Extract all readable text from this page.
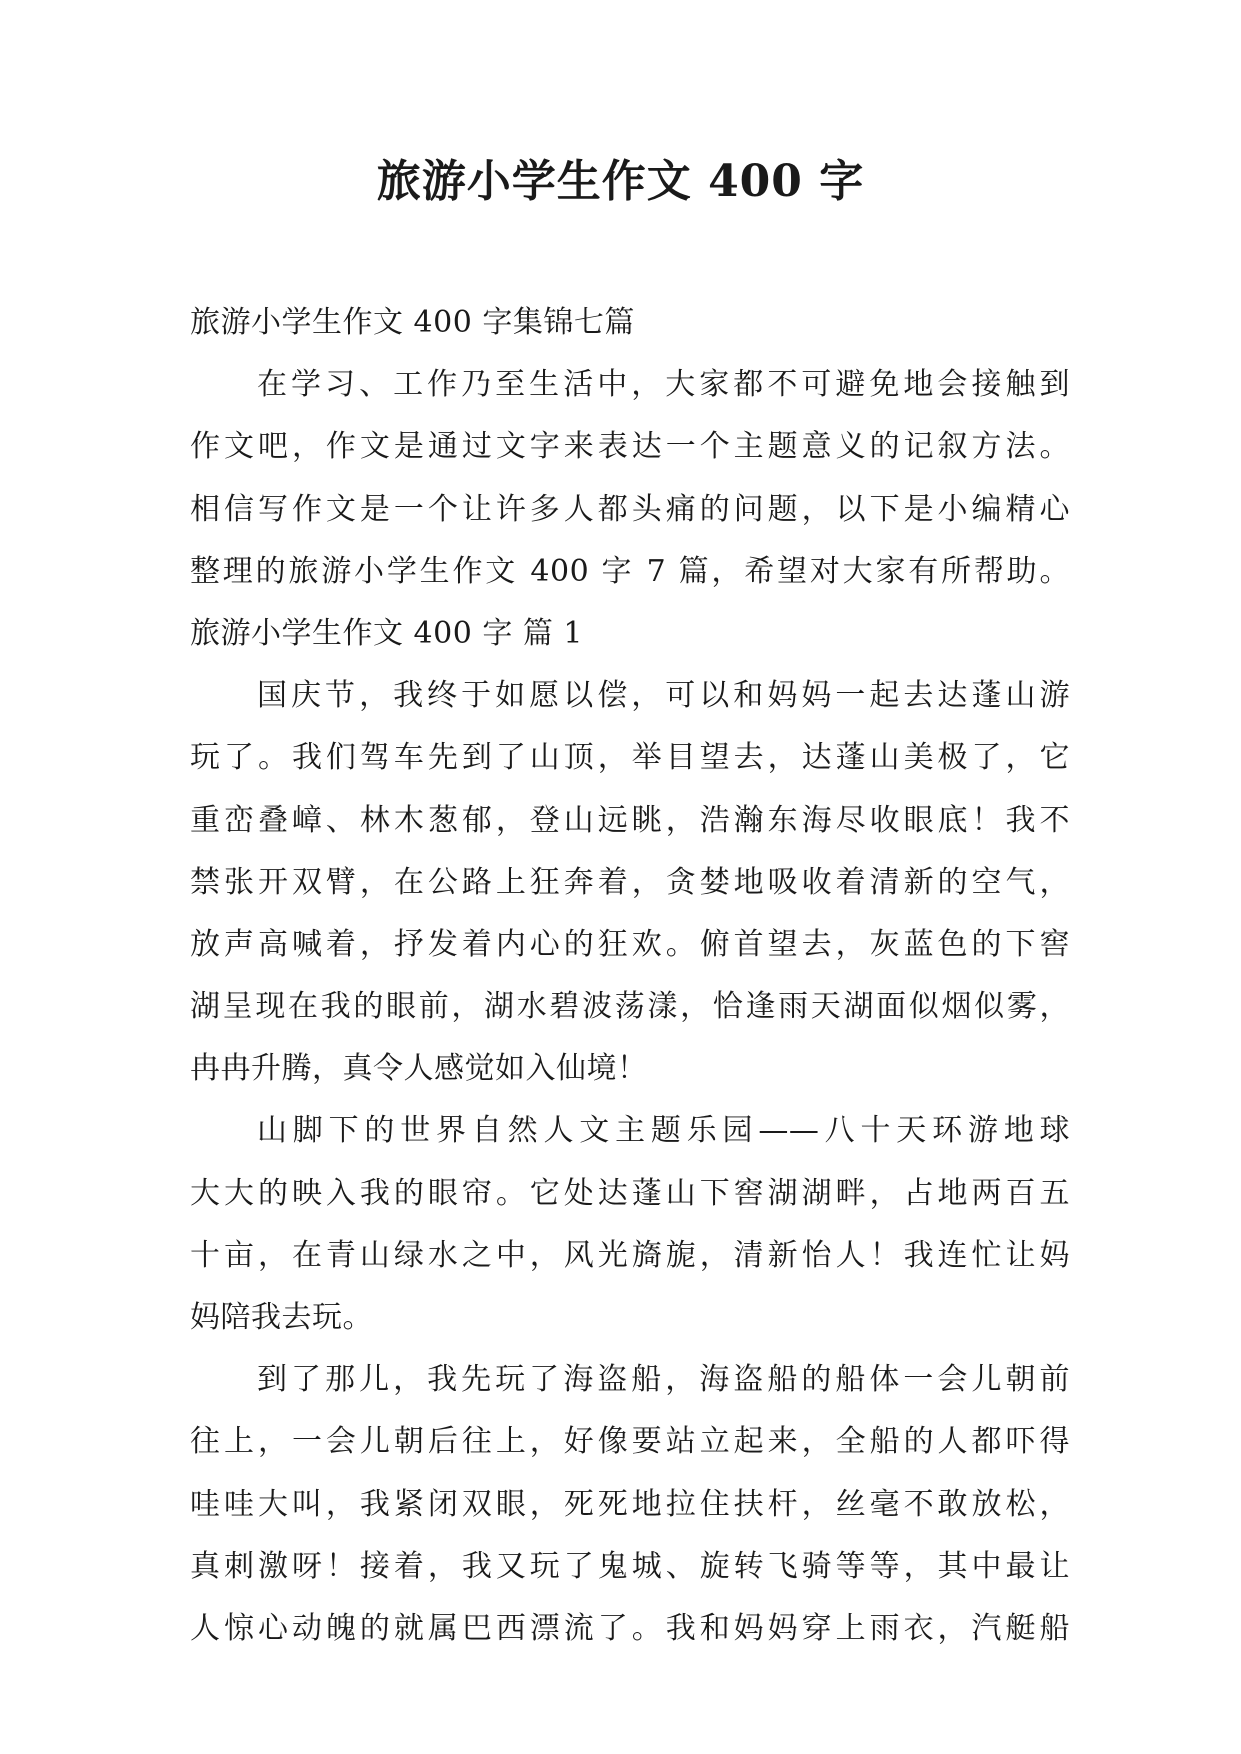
旅游小学生作文 400 字
旅游小学生作文 400 字集锦七篇
在学习、工作乃至生活中，大家都不可避免地会接触到
作文吧，作文是通过文字来表达一个主题意义的记叙方法。
相信写作文是一个让许多人都头痛的问题，以下是小编精心
整理的旅游小学生作文 400 字 7 篇，希望对大家有所帮助。
旅游小学生作文 400 字 篇 1
国庆节，我终于如愿以偿，可以和妈妈一起去达蓬山游
玩了。我们驾车先到了山顶，举目望去，达蓬山美极了，它
重峦叠嶂、林木葱郁，登山远眺，浩瀚东海尽收眼底！我不
禁张开双臂，在公路上狂奔着，贪婪地吸收着清新的空气，
放声高喊着，抒发着内心的狂欢。俯首望去，灰蓝色的下窖
湖呈现在我的眼前，湖水碧波荡漾，恰逢雨天湖面似烟似雾，
冉冉升腾，真令人感觉如入仙境！
山脚下的世界自然人文主题乐园——八十天环游地球
大大的映入我的眼帘。它处达蓬山下窖湖湖畔，占地两百五
十亩，在青山绿水之中，风光旖旎，清新怡人！我连忙让妈
妈陪我去玩。
到了那儿，我先玩了海盗船，海盗船的船体一会儿朝前
往上，一会儿朝后往上，好像要站立起来，全船的人都吓得
哇哇大叫，我紧闭双眼，死死地拉住扶杆，丝毫不敢放松，
真刺激呀！接着，我又玩了鬼城、旋转飞骑等等，其中最让
人惊心动魄的就属巴西漂流了。我和妈妈穿上雨衣，汽艇船
